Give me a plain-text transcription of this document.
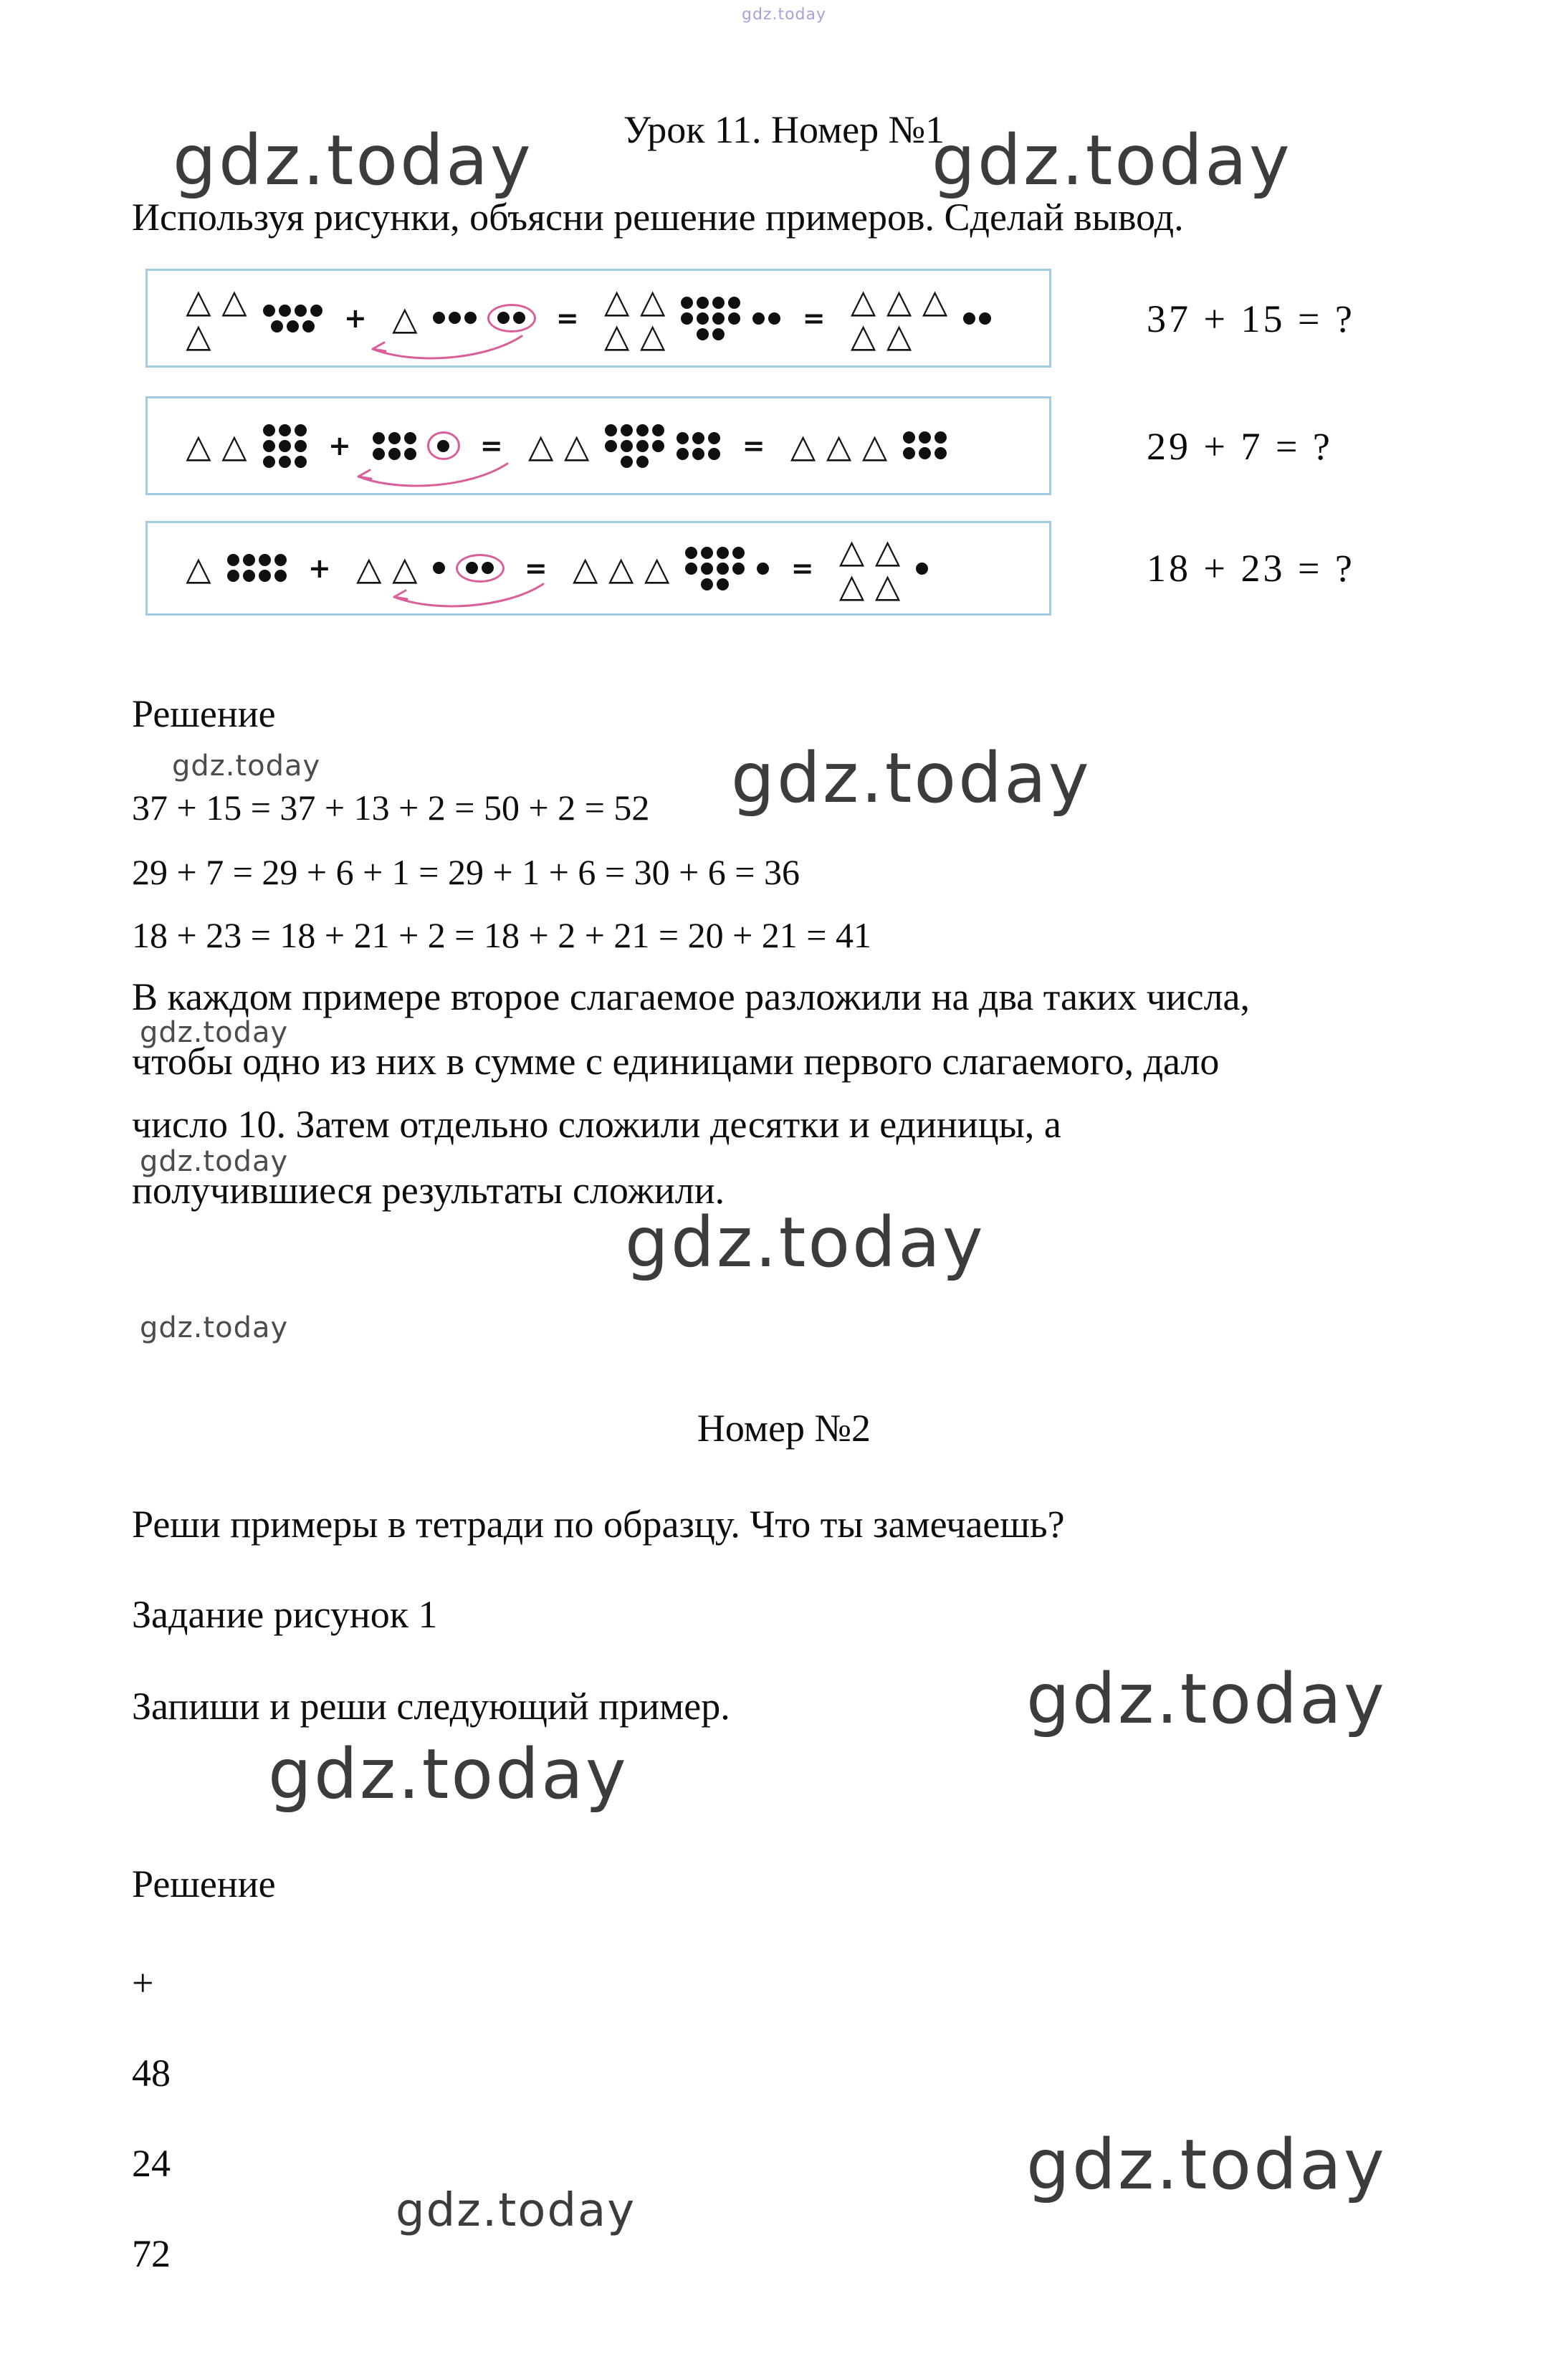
gdz.today
Урок 11. Номер №1
gdz.today	gdz.today
Используя рисунки, объясни решение примеров. Сделай вывод.
△ △
△	+ △	= △ △
△ △	= △ △ △
△ △	37 + 15 = ?
△ △	+	= △ △	= △ △ △	29 + 7 = ?
△	+ △ △	= △ △ △	= △ △
△ △	18 + 23 = ?
Решение
gdz.today
37 + 15 = 37 + 13 + 2 = 50 + 2 = 52 gdz.today
29 + 7 = 29 + 6 + 1 = 29 + 1 + 6 = 30 + 6 = 36
18 + 23 = 18 + 21 + 2 = 18 + 2 + 21 = 20 + 21 = 41
В каждом примере второе слагаемое разложили на два таких числа,
gdz.today
чтобы одно из них в сумме с единицами первого слагаемого, дало
число 10. Затем отдельно сложили десятки и единицы, а
gdz.today
получившиеся результаты сложили.
gdz.today
gdz.today
Номер №2
Реши примеры в тетради по образцу. Что ты замечаешь?
Задание рисунок 1
Запиши и реши следующий пример.	gdz.today
gdz.today
Решение
+
48
24	gdz.today
72
gdz.today
